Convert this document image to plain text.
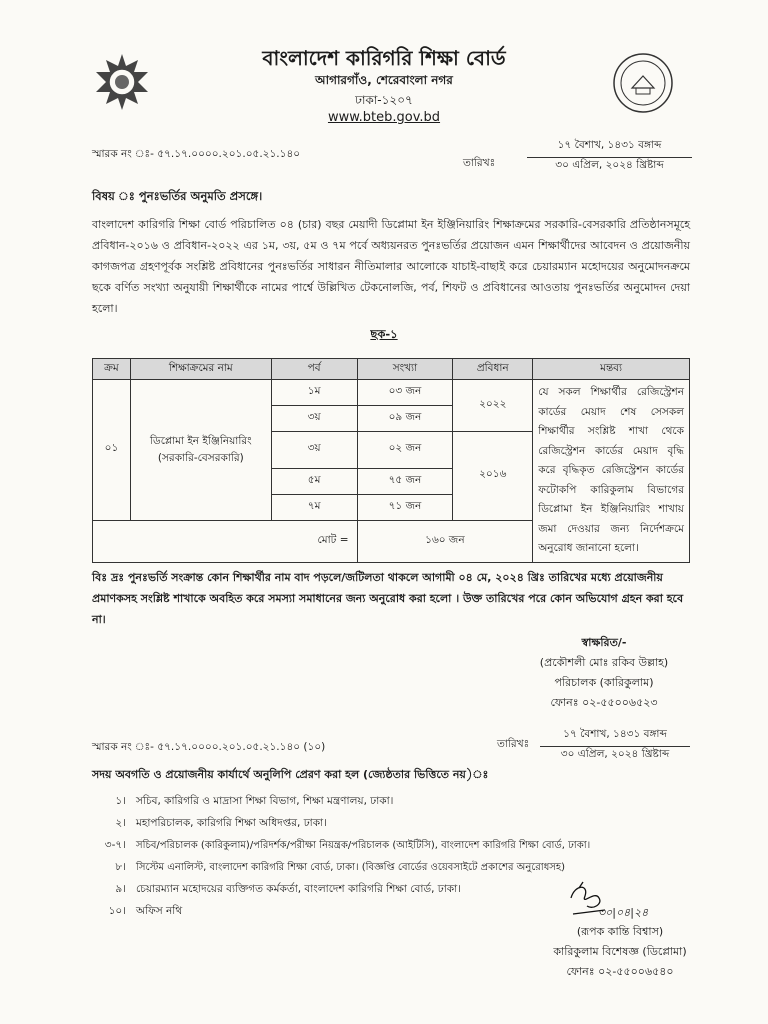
বাংলাদেশ কারিগরি শিক্ষা বোর্ড
আগারগাঁও, শেরেবাংলা নগর
ঢাকা-১২০৭
www.bteb.gov.bd
স্মারক নং ঃ- ৫৭.১৭.০০০০.২০১.০৫.২১.১৪০
তারিখঃ
১৭ বৈশাখ, ১৪৩১ বঙ্গাব্দ
৩০ এপ্রিল, ২০২৪ খ্রিষ্টাব্দ
বিষয় ঃ পুনঃভর্তির অনুমতি প্রসঙ্গে।
বাংলাদেশ কারিগরি শিক্ষা বোর্ড পরিচালিত ০৪ (চার) বছর মেয়াদী ডিপ্লোমা ইন ইঞ্জিনিয়ারিং শিক্ষাক্রমের সরকারি-বেসরকারি প্রতিষ্ঠানসমূহে প্রবিধান-২০১৬ ও প্রবিধান-২০২২ এর ১ম, ৩য়, ৫ম ও ৭ম পর্বে অধ্যয়নরত পুনঃভর্তির প্রয়োজন এমন শিক্ষার্থীদের আবেদন ও প্রয়োজনীয় কাগজপত্র গ্রহণপূর্বক সংশ্লিষ্ট প্রবিধানের পুনঃভর্তির সাধারন নীতিমালার আলোকে যাচাই-বাছাই করে চেয়ারম্যান মহোদয়ের অনুমোদনক্রমে ছকে বর্ণিত সংখ্যা অনুযায়ী শিক্ষার্থীকে নামের পার্শ্বে উল্লিখিত টেকনোলজি, পর্ব, শিফট ও প্রবিধানের আওতায় পুনঃভর্তির অনুমোদন দেয়া হলো।
ছক-১
ক্রম	শিক্ষাক্রমের নাম	পর্ব	সংখ্যা	প্রবিধান	মন্তব্য
০১	ডিপ্লোমা ইন ইঞ্জিনিয়ারিং
(সরকারি-বেসরকারি)	১ম	০৩ জন	২০২২	যে সকল শিক্ষার্থীর রেজিস্ট্রেশন কার্ডের মেয়াদ শেষ সেসকল শিক্ষার্থীর সংশ্লিষ্ট শাখা থেকে রেজিস্ট্রেশন কার্ডের মেয়াদ বৃদ্ধি করে বৃদ্ধিকৃত রেজিস্ট্রেশন কার্ডের ফটোকপি কারিকুলাম বিভাগের ডিপ্লোমা ইন ইঞ্জিনিয়ারিং শাখায় জমা দেওয়ার জন্য নির্দেশক্রমে অনুরোধ জানানো হলো।
		৩য়	০৯ জন		
		৩য়	০২ জন	২০১৬	
		৫ম	৭৫ জন		
		৭ম	৭১ জন		
মোট =			১৬০ জন		
বিঃ দ্রঃ পুনঃভর্তি সংক্রান্ত কোন শিক্ষার্থীর নাম বাদ পড়লে/জটিলতা থাকলে আগামী ০৪ মে, ২০২৪ খ্রিঃ তারিখের মধ্যে প্রয়োজনীয় প্রমাণকসহ সংশ্লিষ্ট শাখাকে অবহিত করে সমস্যা সমাধানের জন্য অনুরোধ করা হলো । উক্ত তারিখের পরে কোন অভিযোগ গ্রহন করা হবে না।
স্বাক্ষরিত/-
(প্রকৌশলী মোঃ রকিব উল্লাহ)
পরিচালক (কারিকুলাম)
ফোনঃ ০২-৫৫০০৬৫২৩
স্মারক নং ঃ- ৫৭.১৭.০০০০.২০১.০৫.২১.১৪০ (১০)	তারিখঃ
১৭ বৈশাখ, ১৪৩১ বঙ্গাব্দ
৩০ এপ্রিল, ২০২৪ খ্রিষ্টাব্দ
সদয় অবগতি ও প্রয়োজনীয় কার্যার্থে অনুলিপি প্রেরণ করা হল (জ্যেষ্ঠতার ভিত্তিতে নয়)ঃ
১। সচিব, কারিগরি ও মাদ্রাসা শিক্ষা বিভাগ, শিক্ষা মন্ত্রণালয়, ঢাকা।
২। মহাপরিচালক, কারিগরি শিক্ষা অধিদপ্তর, ঢাকা।
৩-৭। সচিব/পরিচালক (কারিকুলাম)/পরিদর্শক/পরীক্ষা নিয়ন্ত্রক/পরিচালক (আইটিসি), বাংলাদেশ কারিগরি শিক্ষা বোর্ড, ঢাকা।
৮। সিস্টেম এনালিস্ট, বাংলাদেশ কারিগরি শিক্ষা বোর্ড, ঢাকা। (বিজ্ঞপ্তি বোর্ডের ওয়েবসাইটে প্রকাশের অনুরোধসহ)
৯। চেয়ারম্যান মহোদয়ের ব্যক্তিগত কর্মকর্তা, বাংলাদেশ কারিগরি শিক্ষা বোর্ড, ঢাকা।
১০। অফিস নথি	৩০|০৪|২৪
(রূপক কান্তি বিশ্বাস)
কারিকুলাম বিশেষজ্ঞ (ডিপ্লোমা)
ফোনঃ ০২-৫৫০০৬৫৪০
